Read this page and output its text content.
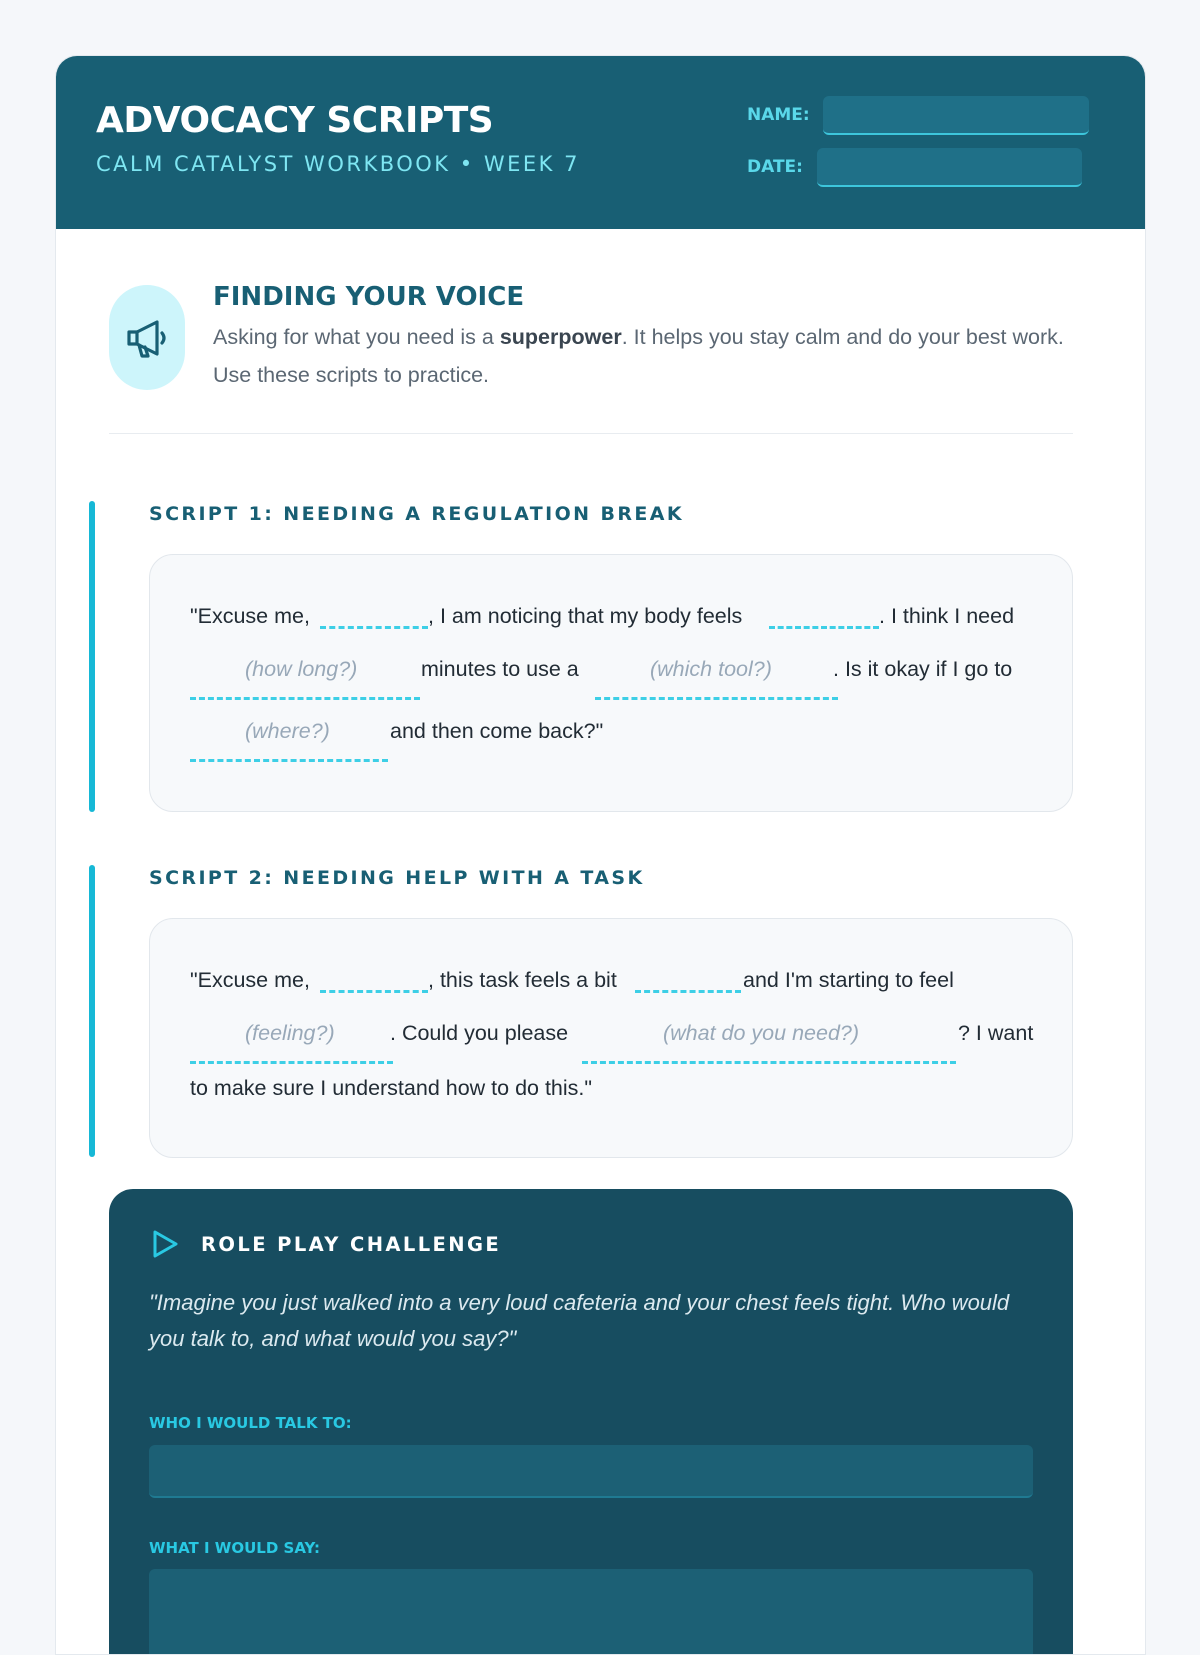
ADVOCACY SCRIPTS
CALM CATALYST WORKBOOK • WEEK 7
NAME:
DATE:
FINDING YOUR VOICE
Asking for what you need is a superpower. It helps you stay calm and do your best work. Use these scripts to practice.
SCRIPT 1: NEEDING A REGULATION BREAK
"Excuse me,	, I am noticing that my body feels	. I think I need
(how long?)	minutes to use a	(which tool?)	. Is it okay if I go to
(where?)	and then come back?"
SCRIPT 2: NEEDING HELP WITH A TASK
"Excuse me,	, this task feels a bit	and I'm starting to feel
(feeling?)	. Could you please	(what do you need?)	? I want
to make sure I understand how to do this."
ROLE PLAY CHALLENGE
"Imagine you just walked into a very loud cafeteria and your chest feels tight. Who would you talk to, and what would you say?"
WHO I WOULD TALK TO:
WHAT I WOULD SAY:
